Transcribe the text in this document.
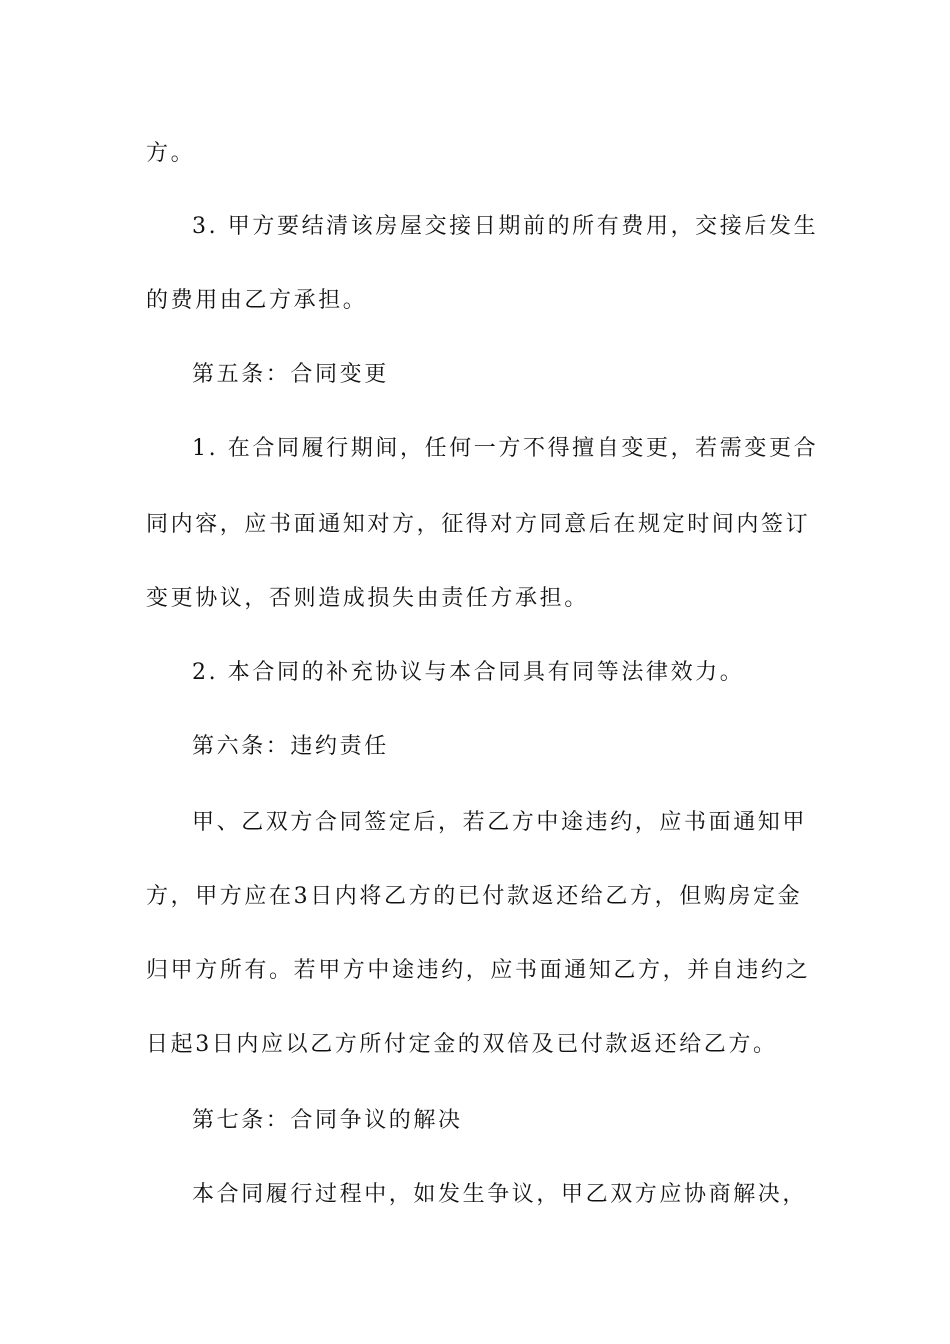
方。
3. 甲方要结清该房屋交接日期前的所有费用，交接后发生
的费用由乙方承担。
第五条：合同变更
1. 在合同履行期间，任何一方不得擅自变更，若需变更合
同内容，应书面通知对方，征得对方同意后在规定时间内签订
变更协议，否则造成损失由责任方承担。
2. 本合同的补充协议与本合同具有同等法律效力。
第六条：违约责任
甲、乙双方合同签定后，若乙方中途违约，应书面通知甲
方，甲方应在3日内将乙方的已付款返还给乙方，但购房定金
归甲方所有。若甲方中途违约，应书面通知乙方，并自违约之
日起3日内应以乙方所付定金的双倍及已付款返还给乙方。
第七条：合同争议的解决
本合同履行过程中，如发生争议，甲乙双方应协商解决，
